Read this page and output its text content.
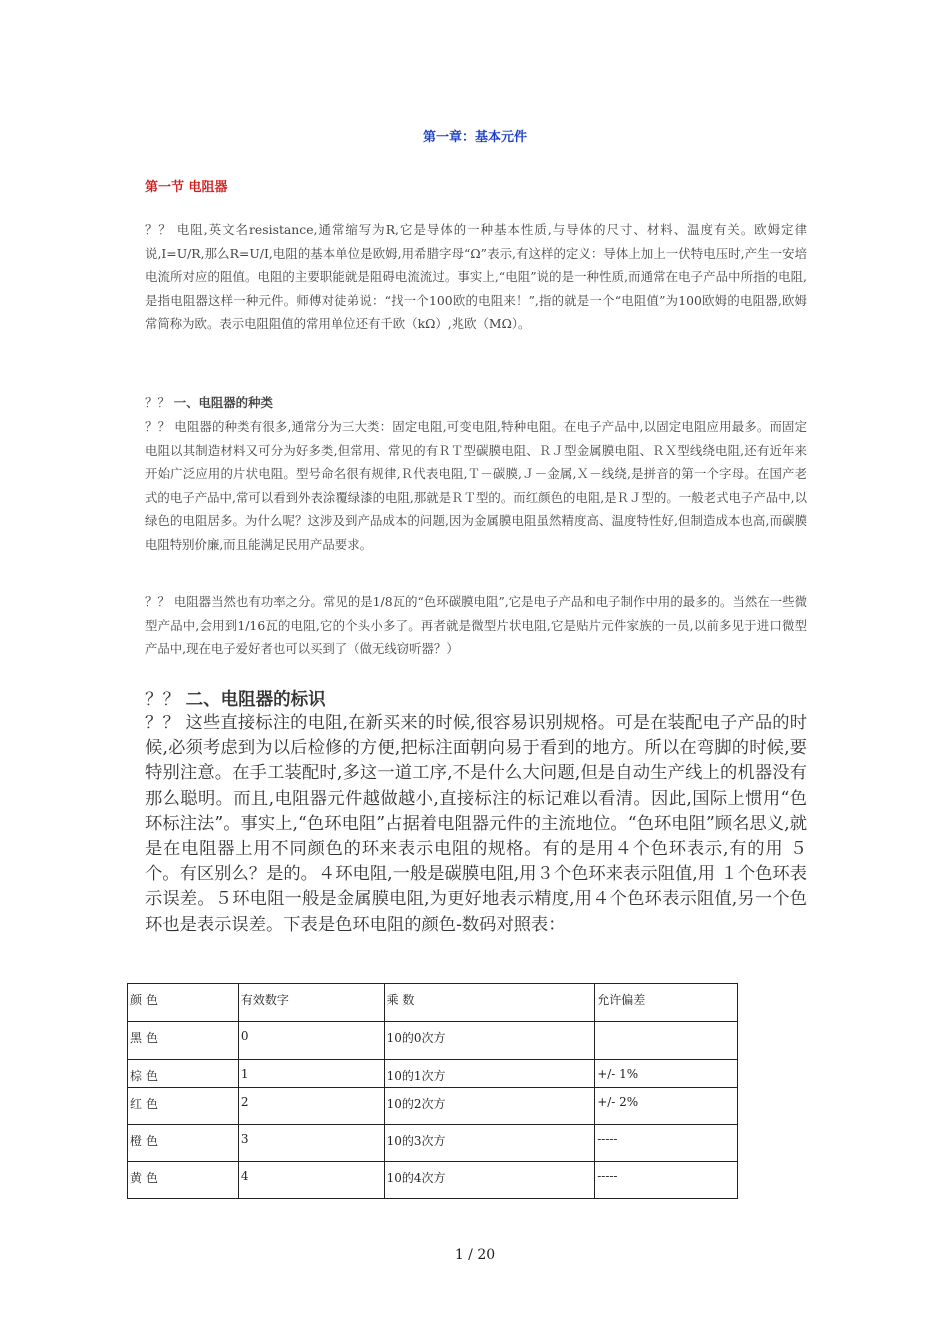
第一章：基本元件
第一节 电阻器

？？ 电阻,英文名resistance,通常缩写为R,它是导体的一种基本性质,与导体的尺寸、材料、温度有关。欧姆定律说,I=U/R,那么R=U/I,电阻的基本单位是欧姆,用希腊字母“Ω”表示,有这样的定义：导体上加上一伏特电压时,产生一安培电流所对应的阻值。电阻的主要职能就是阻碍电流流过。事实上,“电阻”说的是一种性质,而通常在电子产品中所指的电阻,是指电阻器这样一种元件。师傅对徒弟说：“找一个100欧的电阻来！”,指的就是一个“电阻值”为100欧姆的电阻器,欧姆常简称为欧。表示电阻阻值的常用单位还有千欧（kΩ）,兆欧（MΩ）。

？？ 一、电阻器的种类

？？ 电阻器的种类有很多,通常分为三大类：固定电阻,可变电阻,特种电阻。在电子产品中,以固定电阻应用最多。而固定电阻以其制造材料又可分为好多类,但常用、常见的有ＲＴ型碳膜电阻、ＲＪ型金属膜电阻、ＲＸ型线绕电阻,还有近年来开始广泛应用的片状电阻。型号命名很有规律,Ｒ代表电阻,Ｔ－碳膜,Ｊ－金属,Ｘ－线绕,是拼音的第一个字母。在国产老式的电子产品中,常可以看到外表涂覆绿漆的电阻,那就是ＲＴ型的。而红颜色的电阻,是ＲＪ型的。一般老式电子产品中,以绿色的电阻居多。为什么呢？这涉及到产品成本的问题,因为金属膜电阻虽然精度高、温度特性好,但制造成本也高,而碳膜电阻特别价廉,而且能满足民用产品要求。

？？ 电阻器当然也有功率之分。常见的是1/8瓦的“色环碳膜电阻”,它是电子产品和电子制作中用的最多的。当然在一些微型产品中,会用到1/16瓦的电阻,它的个头小多了。再者就是微型片状电阻,它是贴片元件家族的一员,以前多见于进口微型产品中,现在电子爱好者也可以买到了（做无线窃听器？）

？？ 二、电阻器的标识

？？ 这些直接标注的电阻,在新买来的时候,很容易识别规格。可是在装配电子产品的时候,必须考虑到为以后检修的方便,把标注面朝向易于看到的地方。所以在弯脚的时候,要特别注意。在手工装配时,多这一道工序,不是什么大问题,但是自动生产线上的机器没有那么聪明。而且,电阻器元件越做越小,直接标注的标记难以看清。因此,国际上惯用“色环标注法”。事实上,“色环电阻”占据着电阻器元件的主流地位。“色环电阻”顾名思义,就是在电阻器上用不同颜色的环来表示电阻的规格。有的是用４个色环表示,有的用 ５个。有区别么？是的。４环电阻,一般是碳膜电阻,用３个色环来表示阻值,用 １个色环表示误差。５环电阻一般是金属膜电阻,为更好地表示精度,用４个色环表示阻值,另一个色环也是表示误差。下表是色环电阻的颜色-数码对照表：

颜 色	有效数字	乘 数	允许偏差
黑 色	0	10的0次方	
棕 色	1	10的1次方	+/- 1%
红 色	2	10的2次方	+/- 2%
橙 色	3	10的3次方	-----
黄 色	4	10的4次方	-----
1 / 20
